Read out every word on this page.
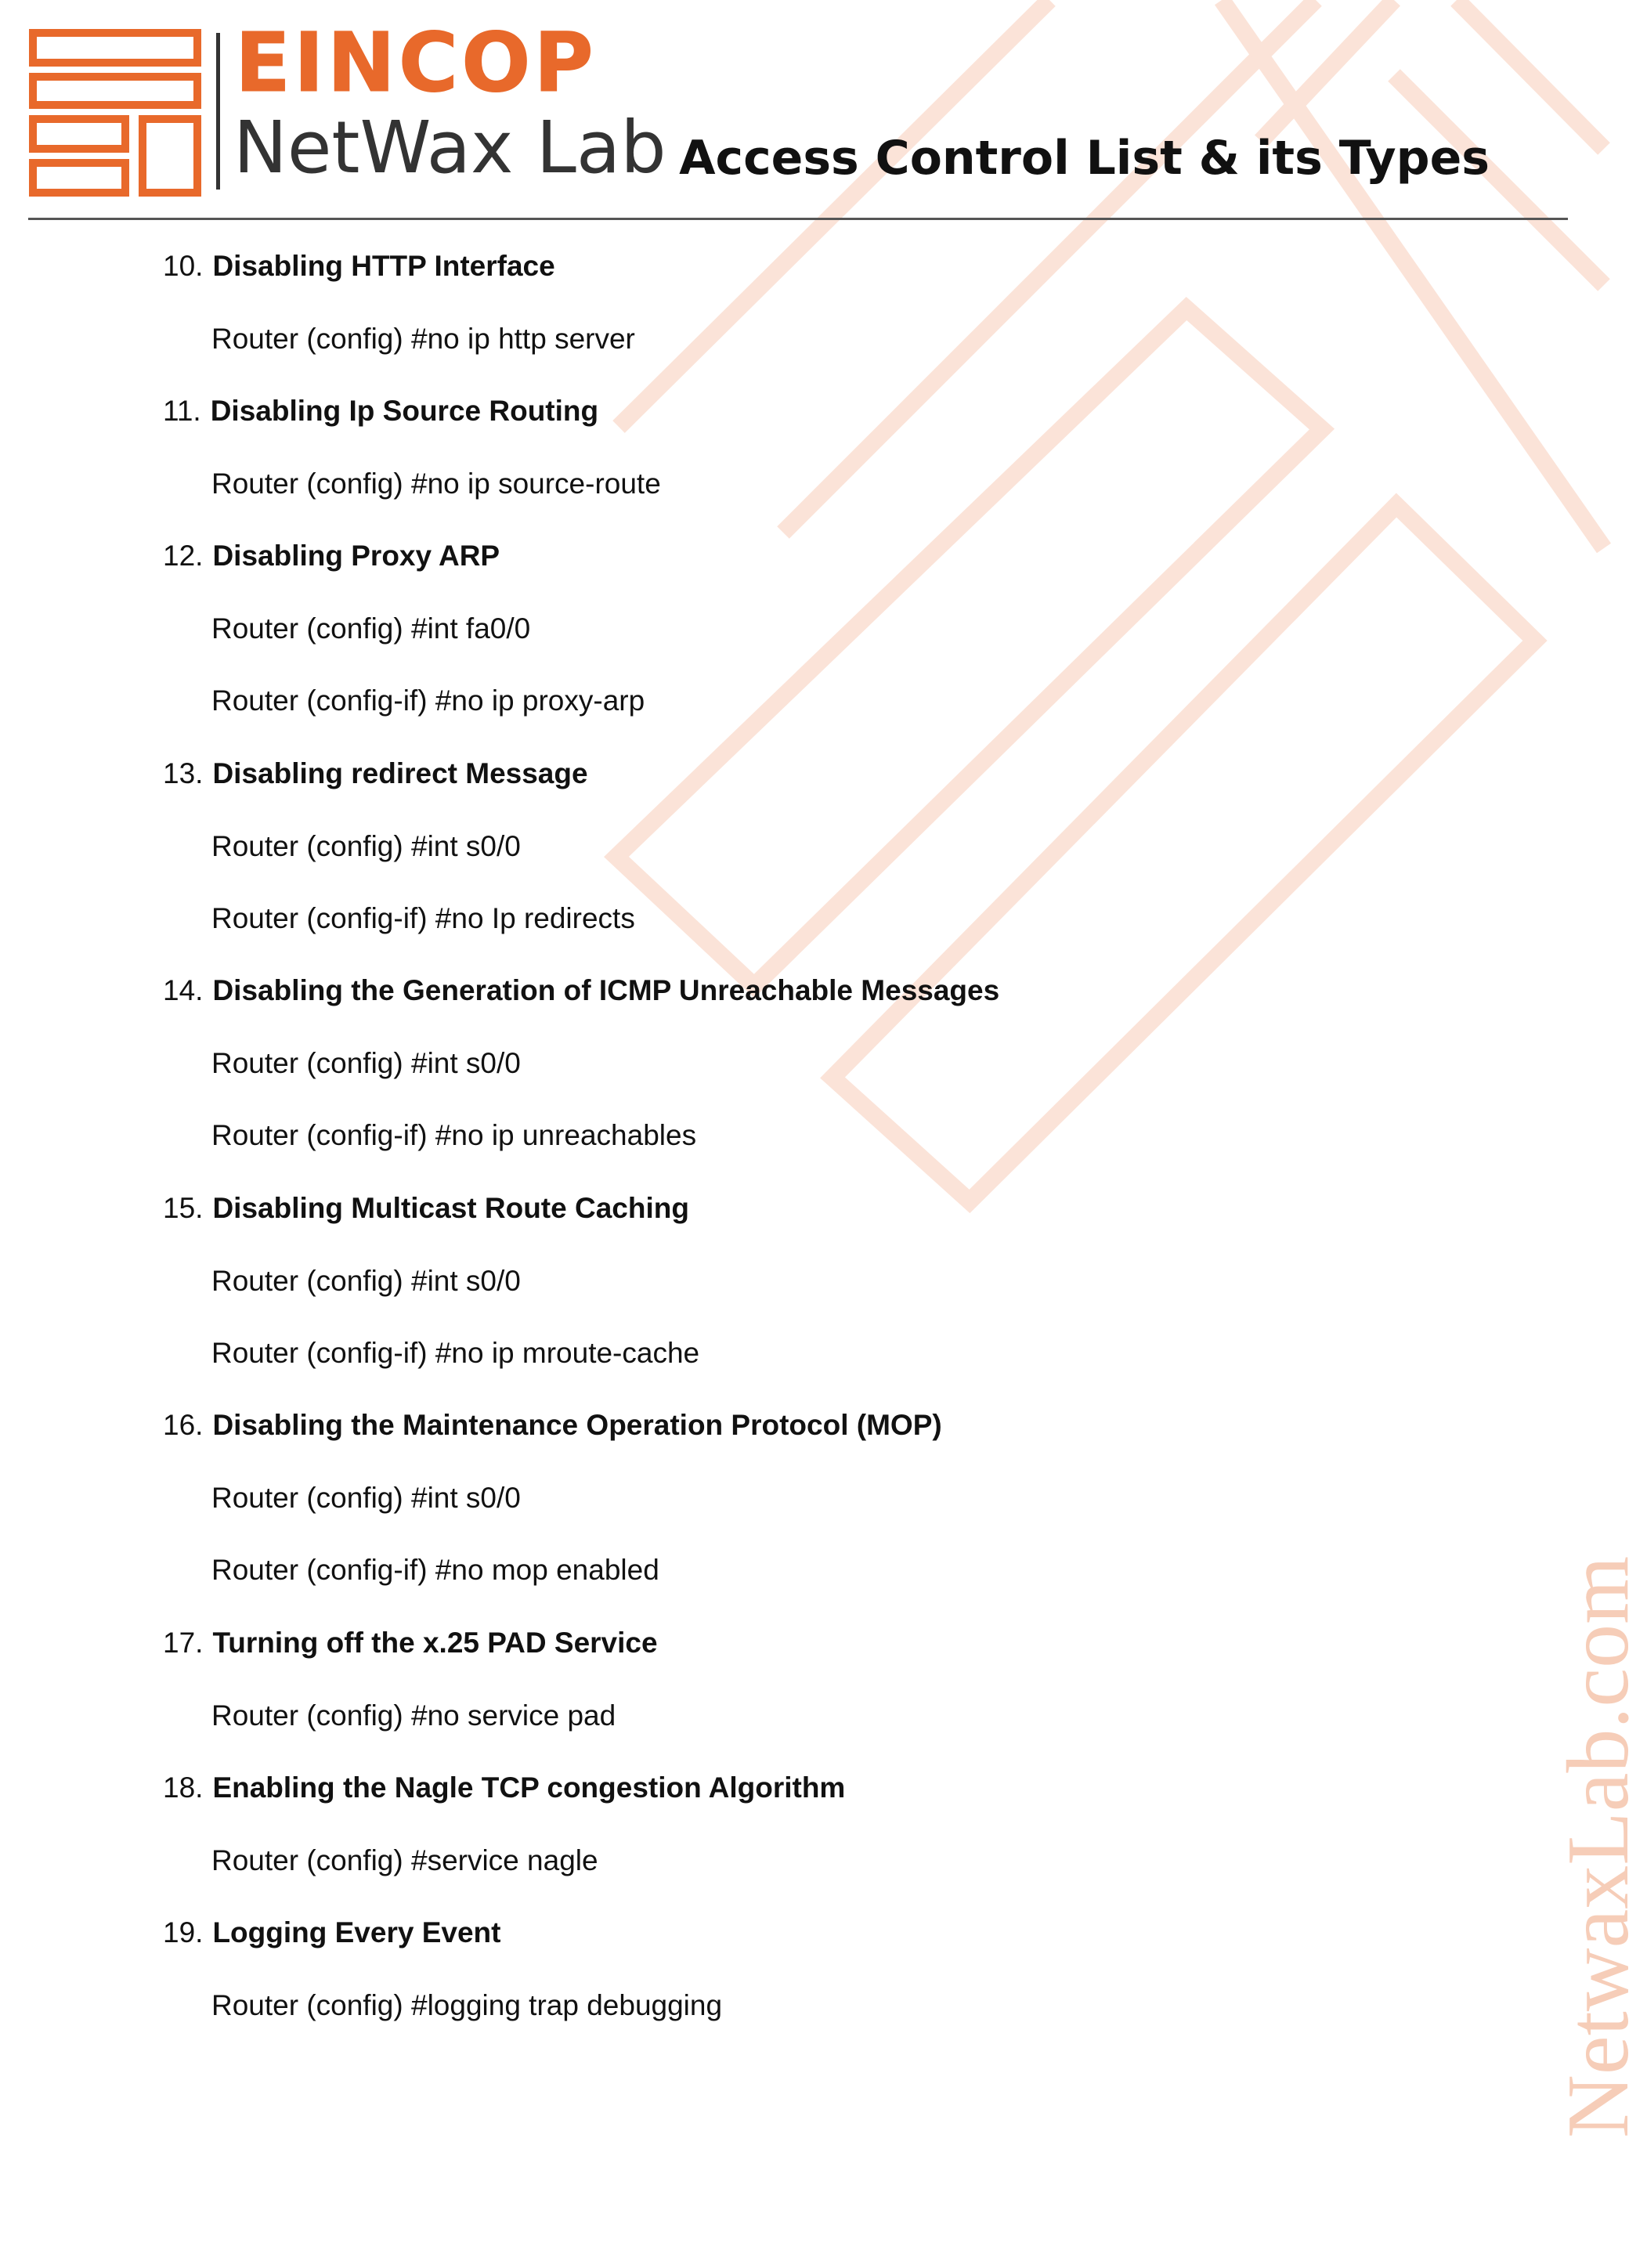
EINCOP
NetWax Lab Access Control List & its Types
10. Disabling HTTP Interface
Router (config) #no ip http server
11. Disabling Ip Source Routing
Router (config) #no ip source-route
12. Disabling Proxy ARP
Router (config) #int fa0/0
Router (config-if) #no ip proxy-arp
13. Disabling redirect Message
Router (config) #int s0/0
Router (config-if) #no Ip redirects
14. Disabling the Generation of ICMP Unreachable Messages
Router (config) #int s0/0
Router (config-if) #no ip unreachables
15. Disabling Multicast Route Caching
Router (config) #int s0/0
Router (config-if) #no ip mroute-cache
16. Disabling the Maintenance Operation Protocol (MOP)
Router (config) #int s0/0
Router (config-if) #no mop enabled
17. Turning off the x.25 PAD Service
Router (config) #no service pad
18. Enabling the Nagle TCP congestion Algorithm
Router (config) #service nagle
19. Logging Every Event
Router (config) #logging trap debugging	NetwaxLab.com
